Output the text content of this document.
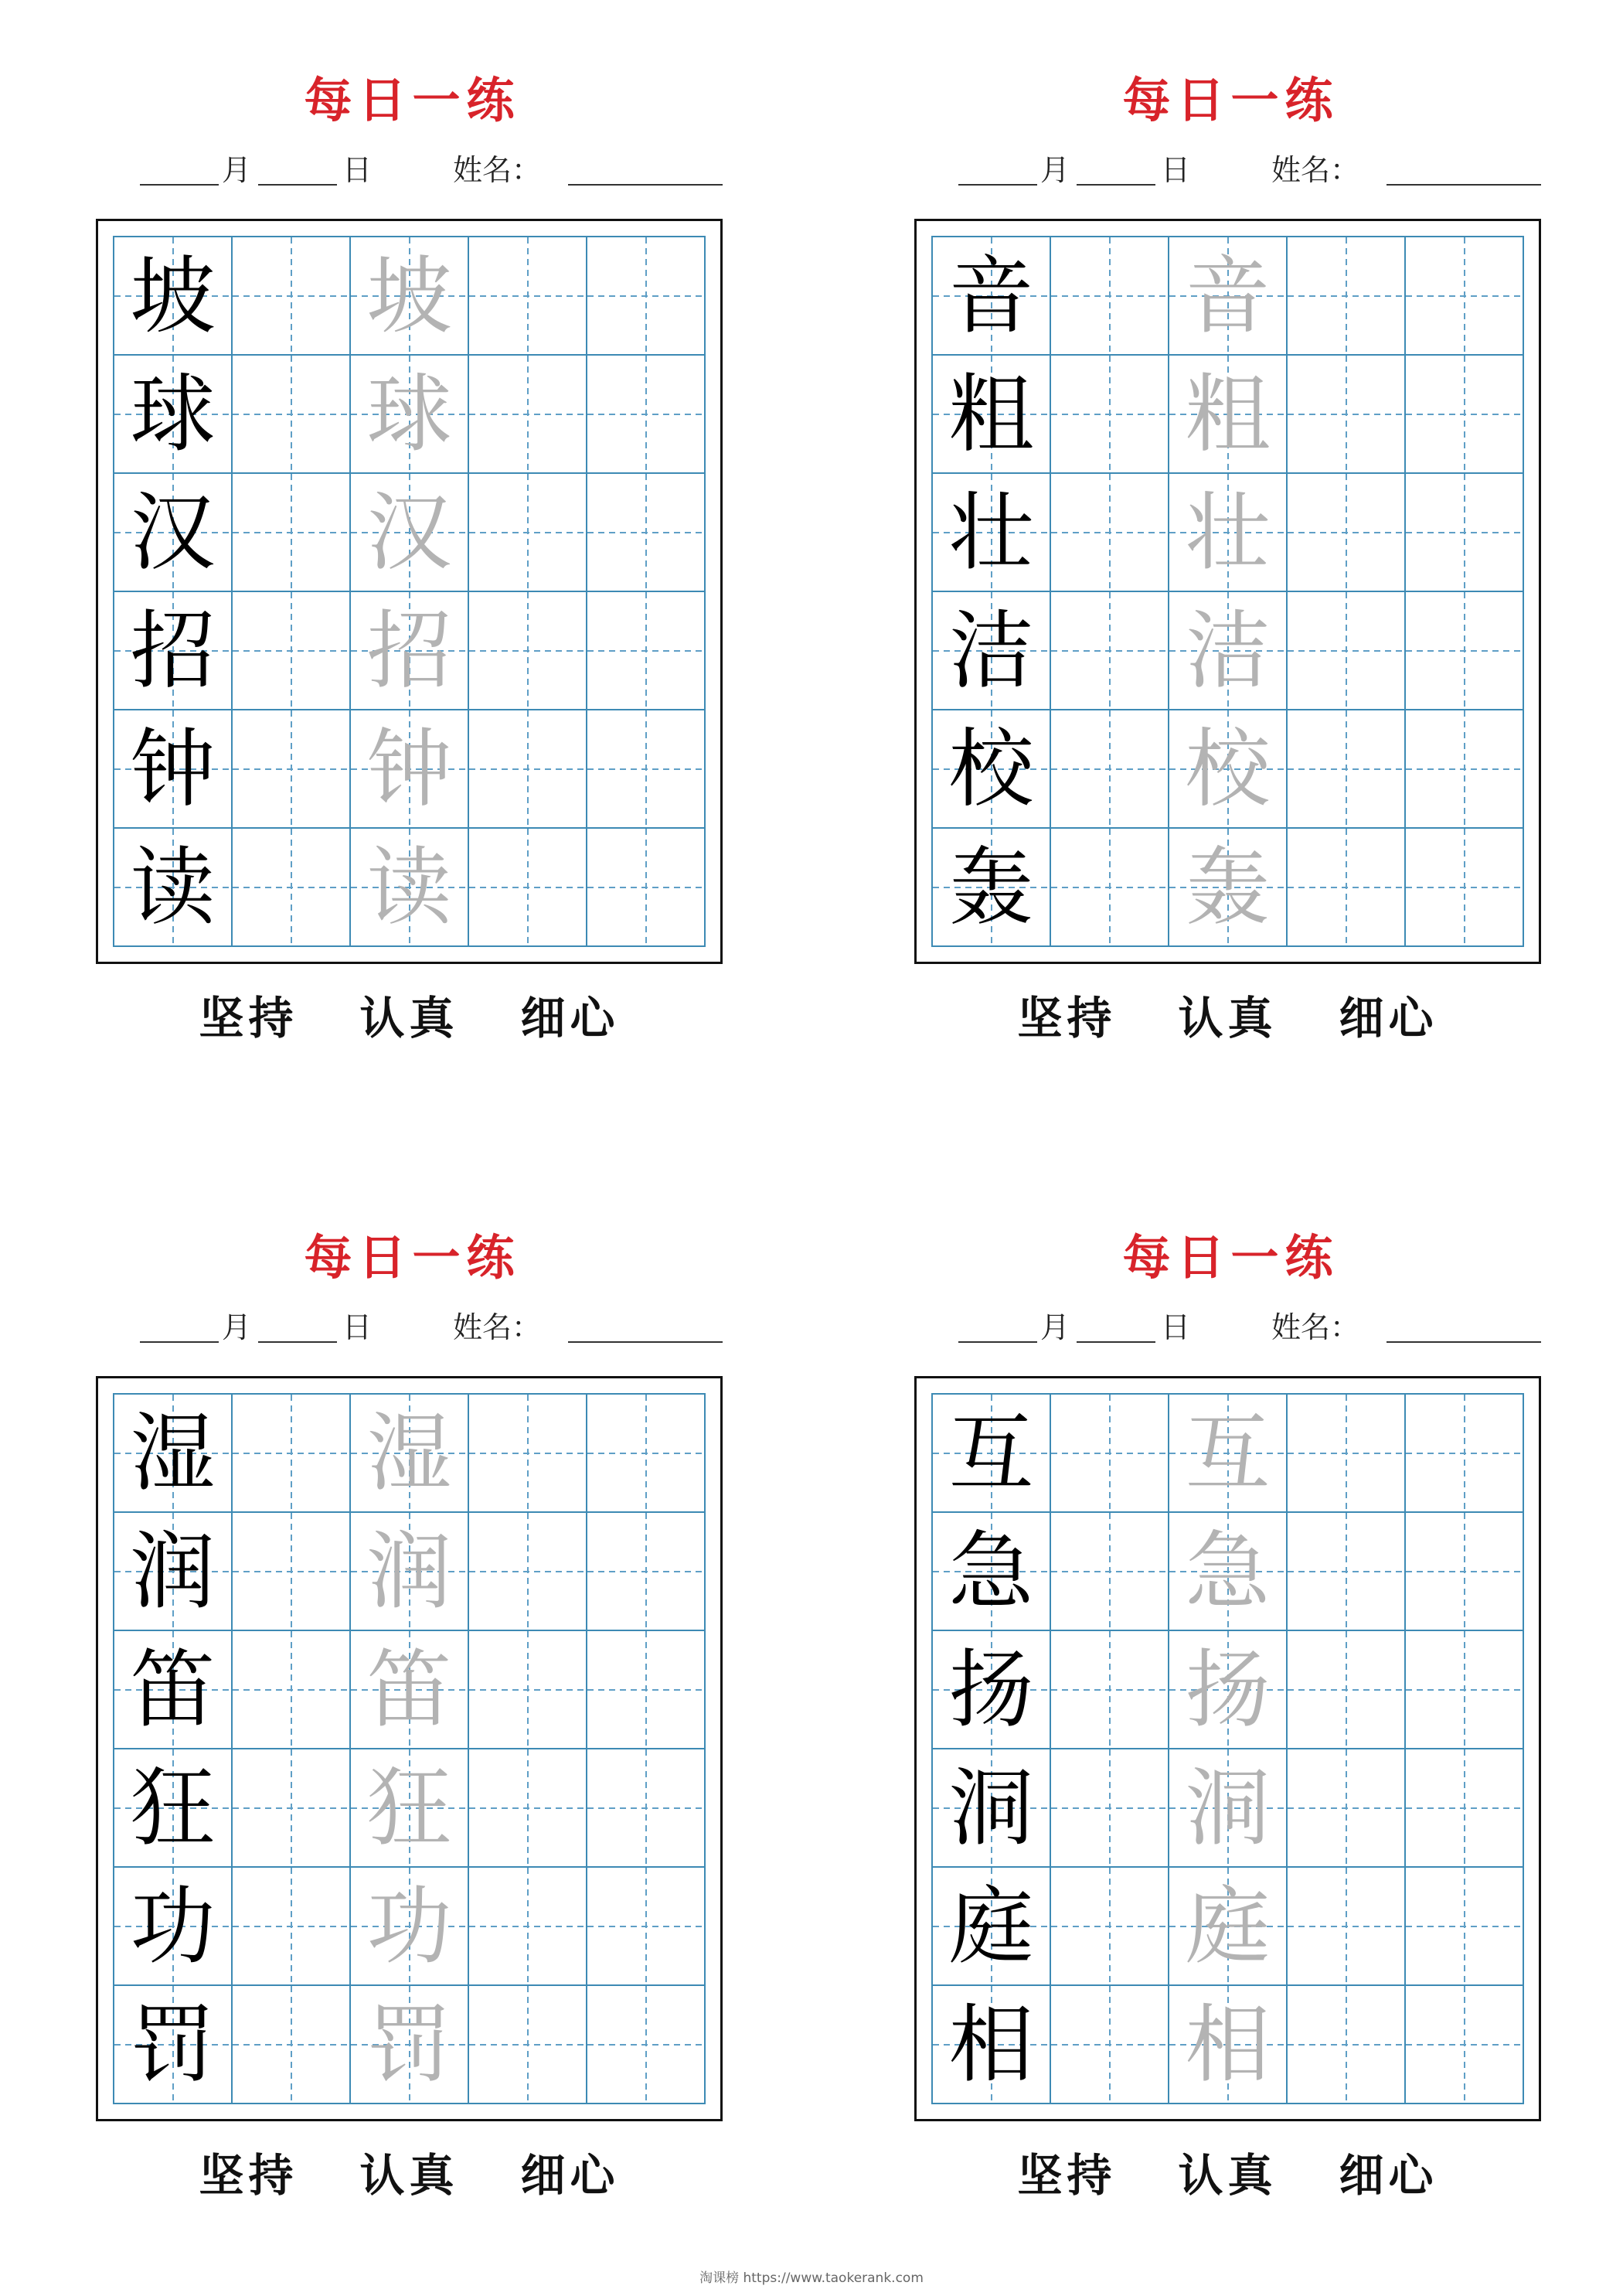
每日一练
月	日	姓名：
坡 坡
球 球
汉 汉
招 招
钟 钟
读 读
坚持 认真 细心
每日一练
月	日	姓名：
音 音
粗 粗
壮 壮
洁 洁
校 校
轰 轰
坚持 认真 细心
每日一练
月	日	姓名：
湿 湿
润 润
笛 笛
狂 狂
功 功
罚 罚
坚持 认真 细心
每日一练
月	日	姓名：
互 互
急 急
扬 扬
洞 洞
庭 庭
相 相
坚持 认真 细心
淘课榜 https://www.taokerank.com
